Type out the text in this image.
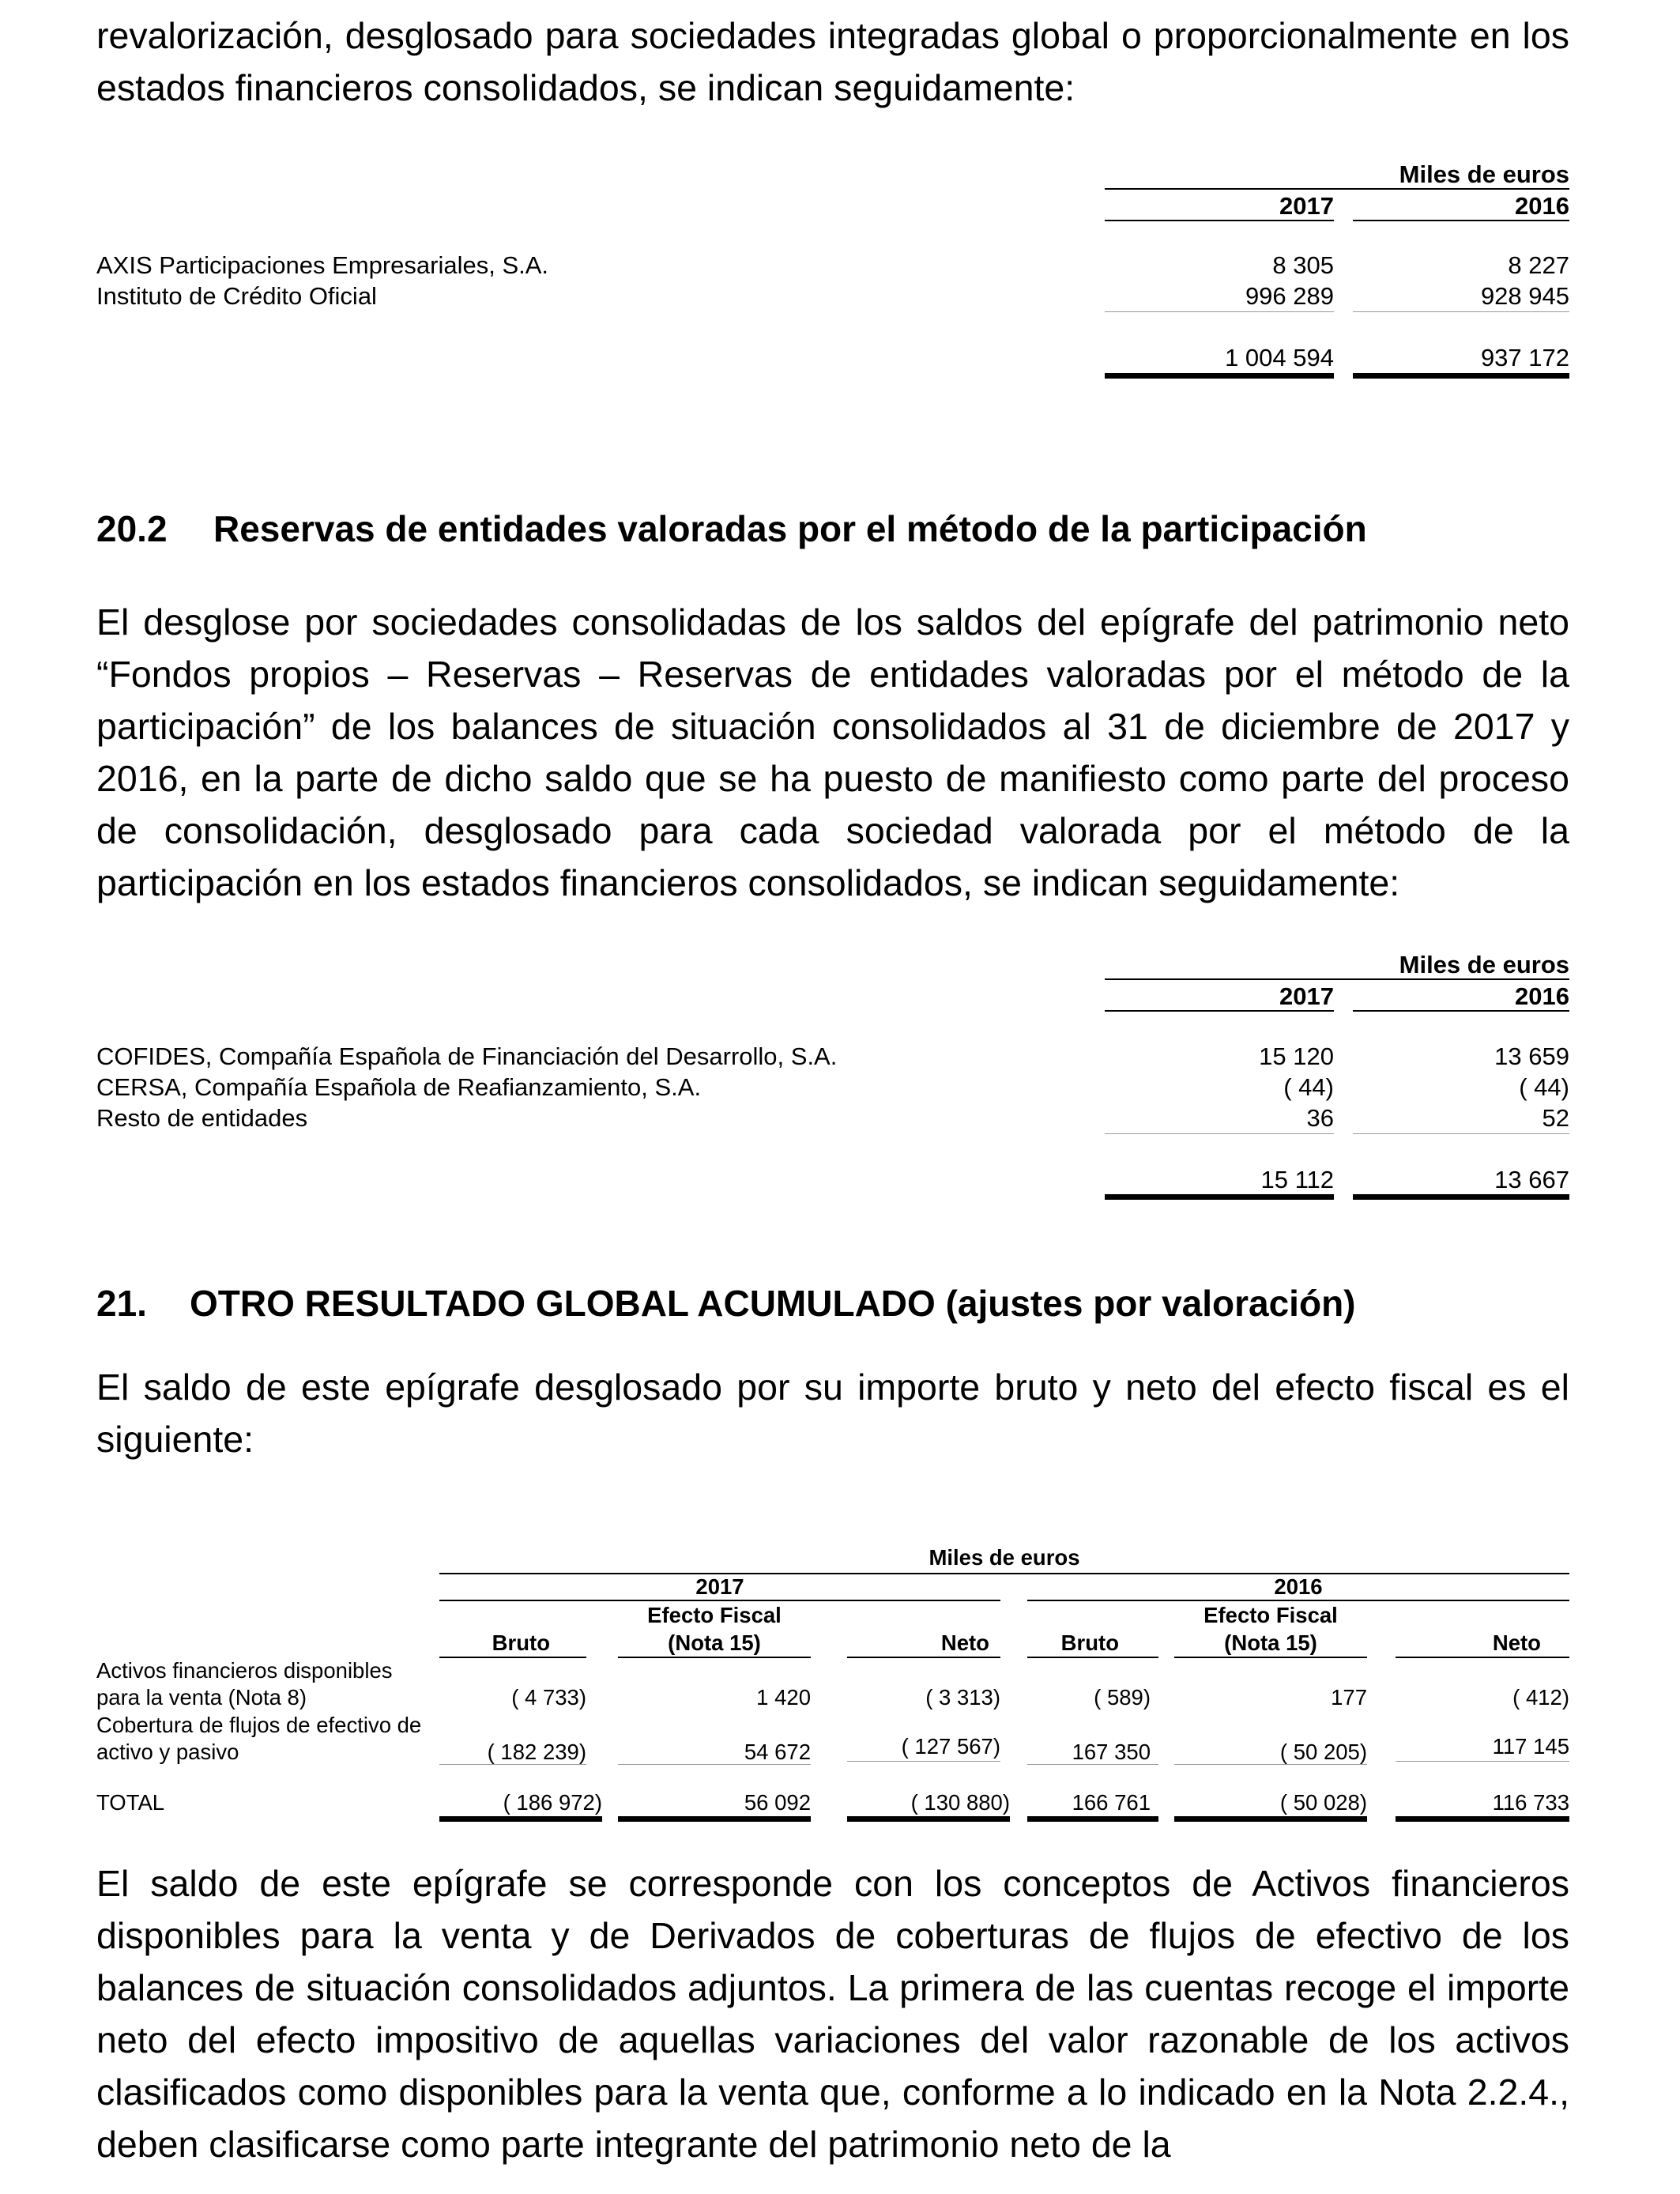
revalorización, desglosado para sociedades integradas global o proporcionalmente en los estados financieros consolidados, se indican seguidamente:

Miles de euros
2017	2016
AXIS Participaciones Empresariales, S.A.	8 305	8 227
Instituto de Crédito Oficial	996 289	928 945
1 004 594	937 172
20.2 Reservas de entidades valoradas por el método de la participación

El desglose por sociedades consolidadas de los saldos del epígrafe del patrimonio neto “Fondos propios – Reservas – Reservas de entidades valoradas por el método de la participación” de los balances de situación consolidados al 31 de diciembre de 2017 y 2016, en la parte de dicho saldo que se ha puesto de manifiesto como parte del proceso de consolidación, desglosado para cada sociedad valorada por el método de la participación en los estados financieros consolidados, se indican seguidamente:

Miles de euros
2017	2016
COFIDES, Compañía Española de Financiación del Desarrollo, S.A.	15 120	13 659
CERSA, Compañía Española de Reafianzamiento, S.A.	( 44)	( 44)
Resto de entidades	36	52
15 112	13 667
21. OTRO RESULTADO GLOBAL ACUMULADO (ajustes por valoración)

El saldo de este epígrafe desglosado por su importe bruto y neto del efecto fiscal es el siguiente:

Miles de euros
2017	2016
Bruto
Efecto Fiscal
(Nota 15)	Neto	Bruto
Efecto Fiscal
(Nota 15)	Neto
Activos financieros disponibles
para la venta (Nota 8)	( 4 733)	1 420	( 3 313)	( 589)	177	( 412)
Cobertura de flujos de efectivo de
activo y pasivo	( 182 239)	54 672	( 127 567)	167 350	( 50 205)	117 145
TOTAL	( 186 972)	56 092	( 130 880)	166 761	( 50 028)	116 733

El saldo de este epígrafe se corresponde con los conceptos de Activos financieros disponibles para la venta y de Derivados de coberturas de flujos de efectivo de los balances de situación consolidados adjuntos. La primera de las cuentas recoge el importe neto del efecto impositivo de aquellas variaciones del valor razonable de los activos clasificados como disponibles para la venta que, conforme a lo indicado en la Nota 2.2.4., deben clasificarse como parte integrante del patrimonio neto de la
